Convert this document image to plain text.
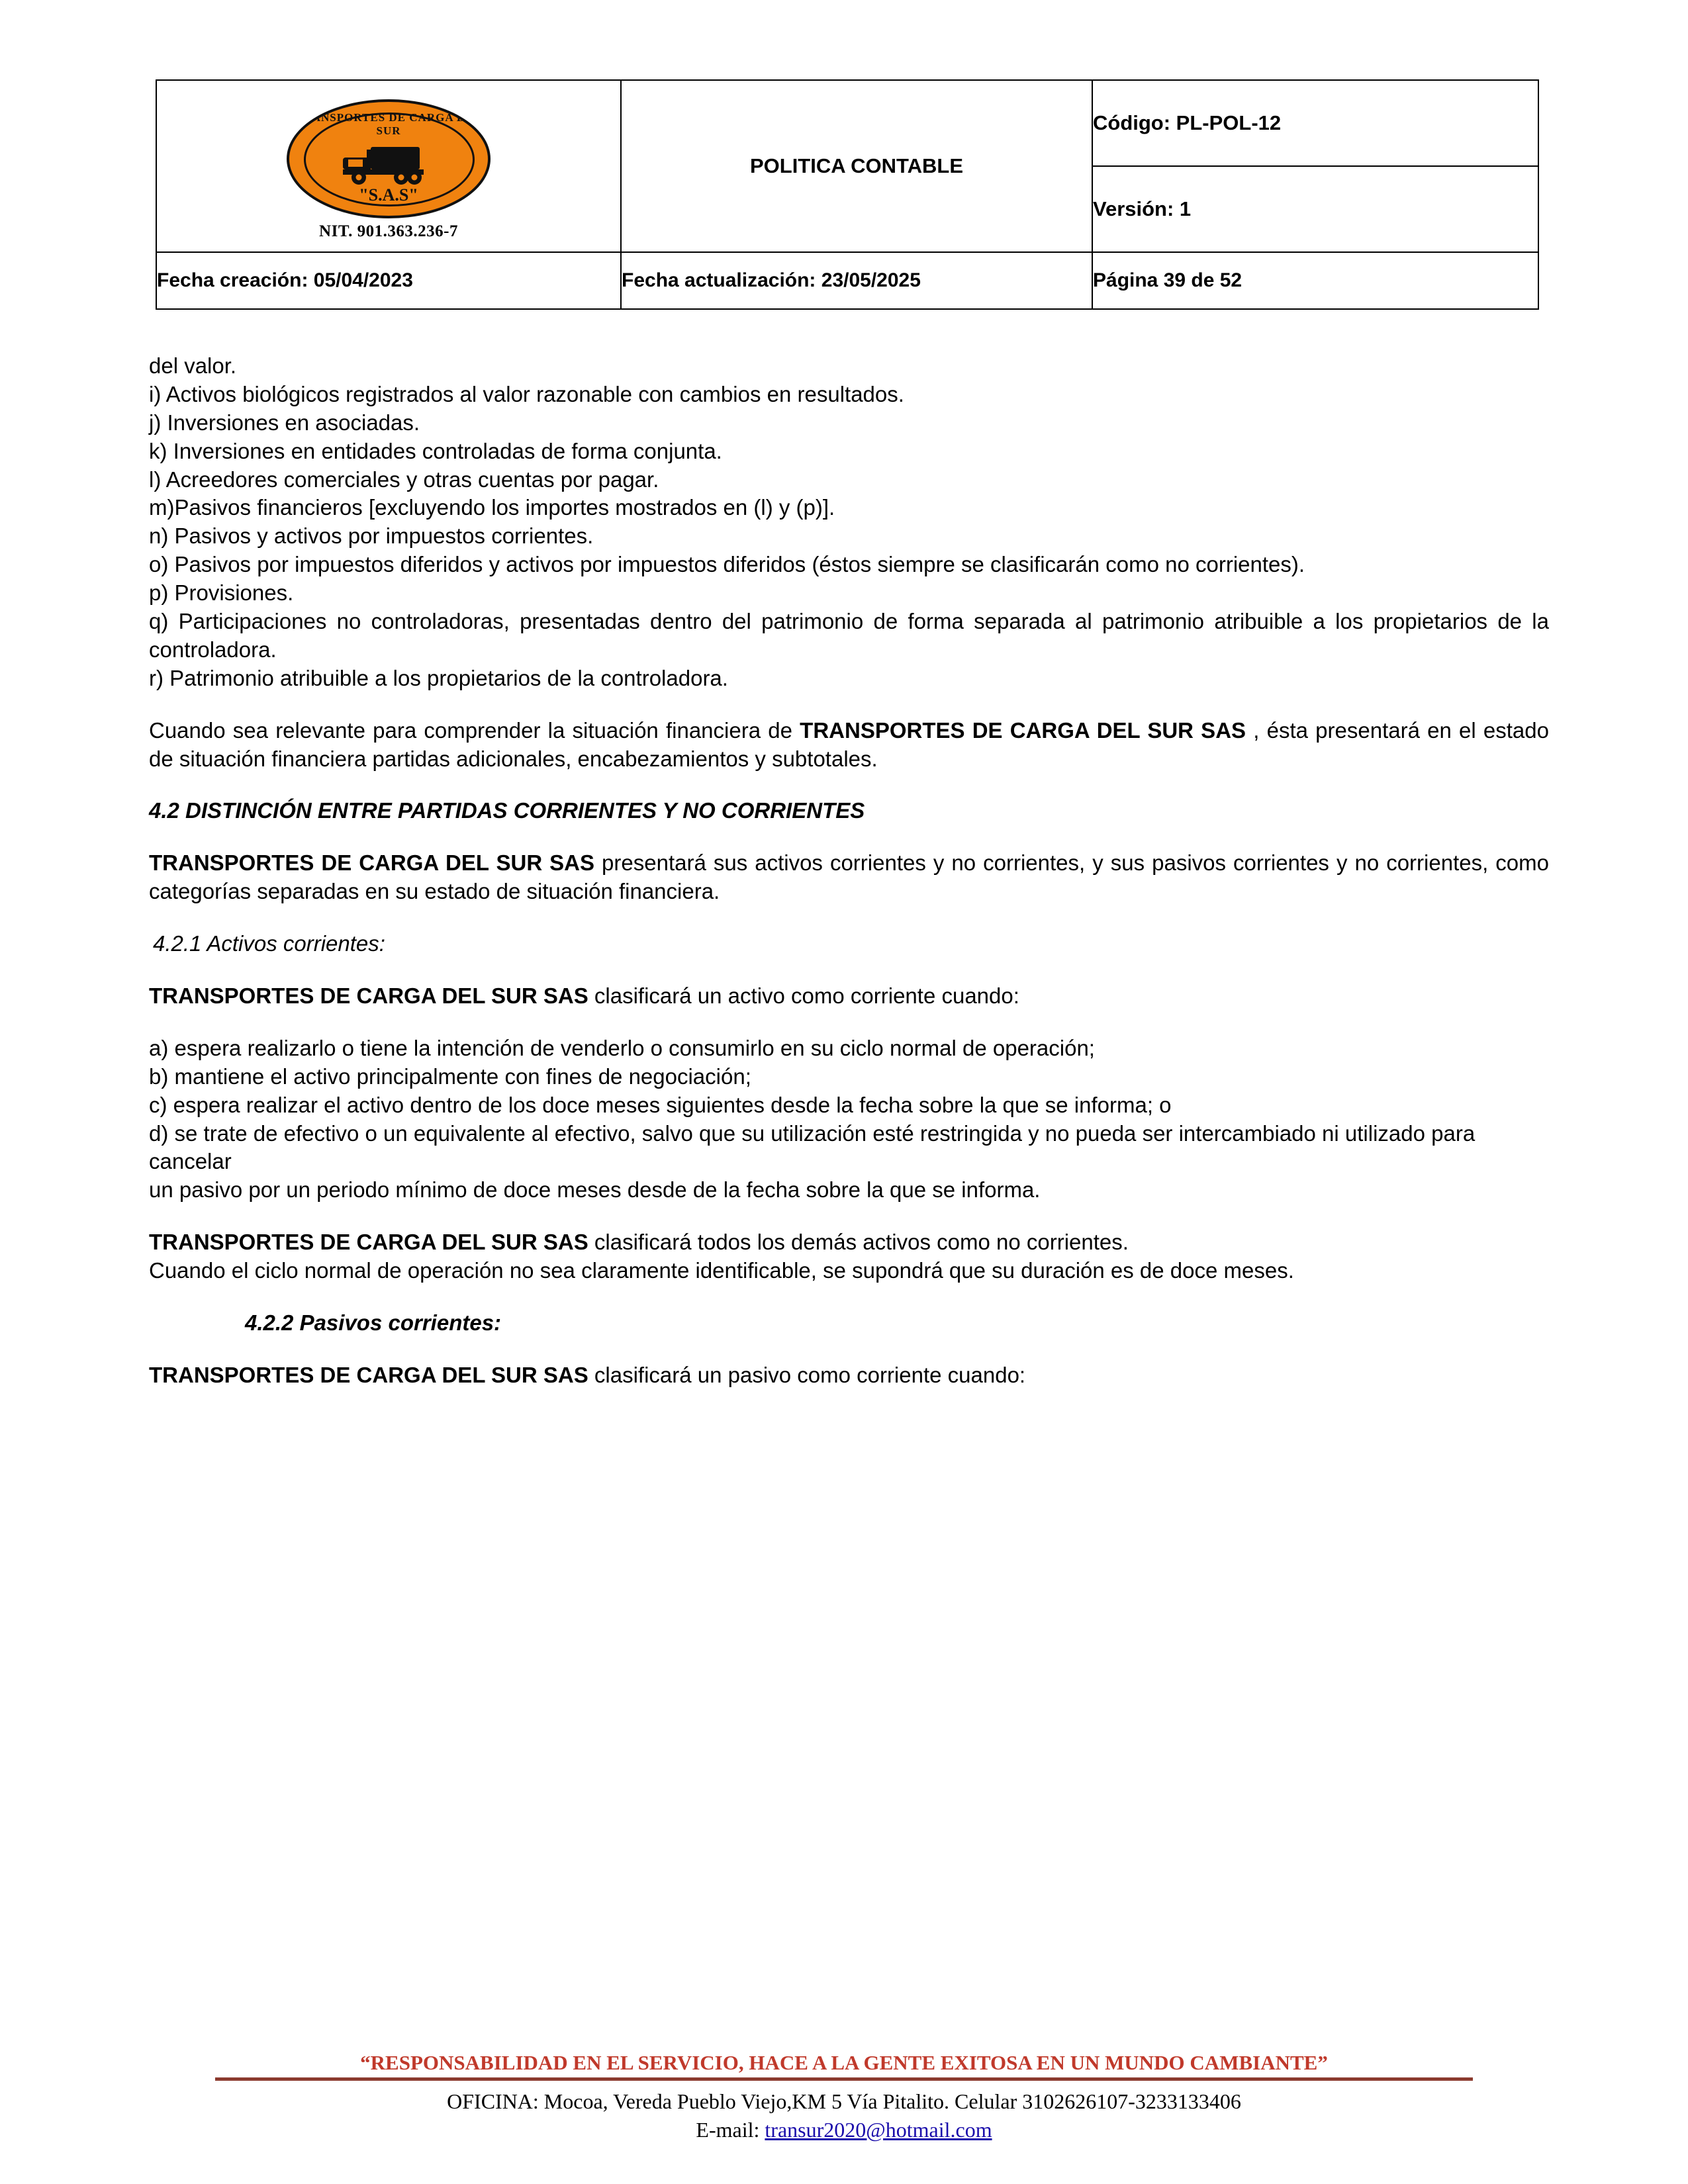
TRANSPORTES DE CARGA DEL SUR
"S.A.S"
NIT. 901.363.236-7	POLITICA CONTABLE	Código: PL-POL-12
		Versión: 1
Fecha creación: 05/04/2023	Fecha actualización: 23/05/2025	Página 39 de 52

del valor.

i) Activos biológicos registrados al valor razonable con cambios en resultados.

j) Inversiones en asociadas.

k) Inversiones en entidades controladas de forma conjunta.

l) Acreedores comerciales y otras cuentas por pagar.

m)Pasivos financieros [excluyendo los importes mostrados en (l) y (p)].

n) Pasivos y activos por impuestos corrientes.

o) Pasivos por impuestos diferidos y activos por impuestos diferidos (éstos siempre se clasificarán como no corrientes).

p) Provisiones.

q) Participaciones no controladoras, presentadas dentro del patrimonio de forma separada al patrimonio atribuible a los propietarios de la controladora.

r) Patrimonio atribuible a los propietarios de la controladora.

Cuando sea relevante para comprender la situación financiera de TRANSPORTES DE CARGA DEL SUR SAS , ésta presentará en el estado de situación financiera partidas adicionales, encabezamientos y subtotales.

4.2 DISTINCIÓN ENTRE PARTIDAS CORRIENTES Y NO CORRIENTES

TRANSPORTES DE CARGA DEL SUR SAS presentará sus activos corrientes y no corrientes, y sus pasivos corrientes y no corrientes, como categorías separadas en su estado de situación financiera.

4.2.1 Activos corrientes:

TRANSPORTES DE CARGA DEL SUR SAS clasificará un activo como corriente cuando:

a) espera realizarlo o tiene la intención de venderlo o consumirlo en su ciclo normal de operación;

b) mantiene el activo principalmente con fines de negociación;

c) espera realizar el activo dentro de los doce meses siguientes desde la fecha sobre la que se informa; o

d) se trate de efectivo o un equivalente al efectivo, salvo que su utilización esté restringida y no pueda ser intercambiado ni utilizado para cancelar

un pasivo por un periodo mínimo de doce meses desde de la fecha sobre la que se informa.

TRANSPORTES DE CARGA DEL SUR SAS clasificará todos los demás activos como no corrientes.

Cuando el ciclo normal de operación no sea claramente identificable, se supondrá que su duración es de doce meses.

4.2.2 Pasivos corrientes:

TRANSPORTES DE CARGA DEL SUR SAS clasificará un pasivo como corriente cuando:

“RESPONSABILIDAD EN EL SERVICIO, HACE A LA GENTE EXITOSA EN UN MUNDO CAMBIANTE”
OFICINA: Mocoa, Vereda Pueblo Viejo,KM 5 Vía Pitalito. Celular 3102626107-3233133406
E-mail: transur2020@hotmail.com
